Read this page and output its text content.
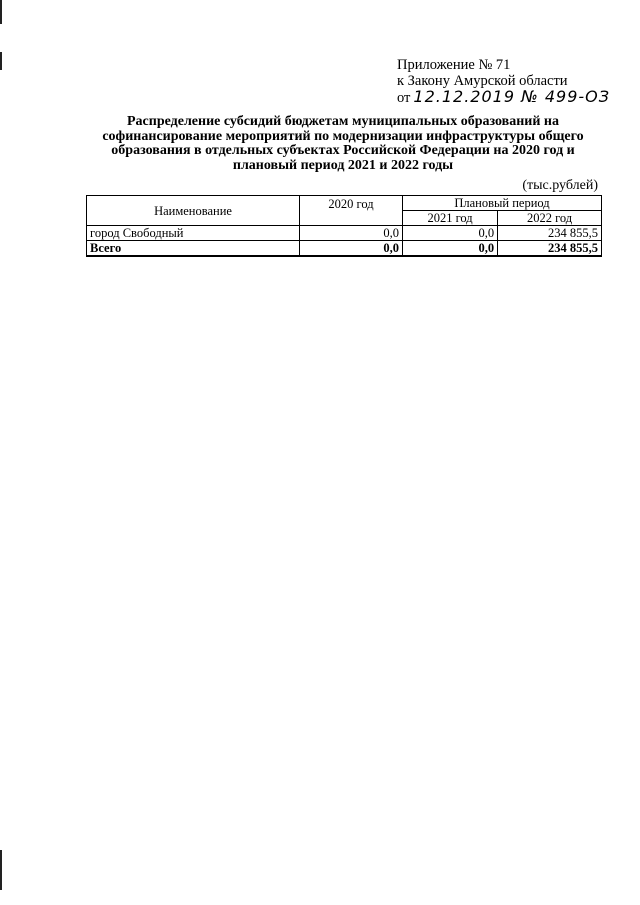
Приложение № 71
к Закону Амурской области
от 12.12.2019 № 499-ОЗ
Распределение субсидий бюджетам муниципальных образований на софинансирование мероприятий по модернизации инфраструктуры общего образования в отдельных субъектах Российской Федерации на 2020 год и плановый период 2021 и 2022 годы
(тыс.рублей)
Наименование	2020 год	Плановый период	
		2021 год	2022 год
город Свободный	0,0	0,0	234 855,5
Всего	0,0	0,0	234 855,5
